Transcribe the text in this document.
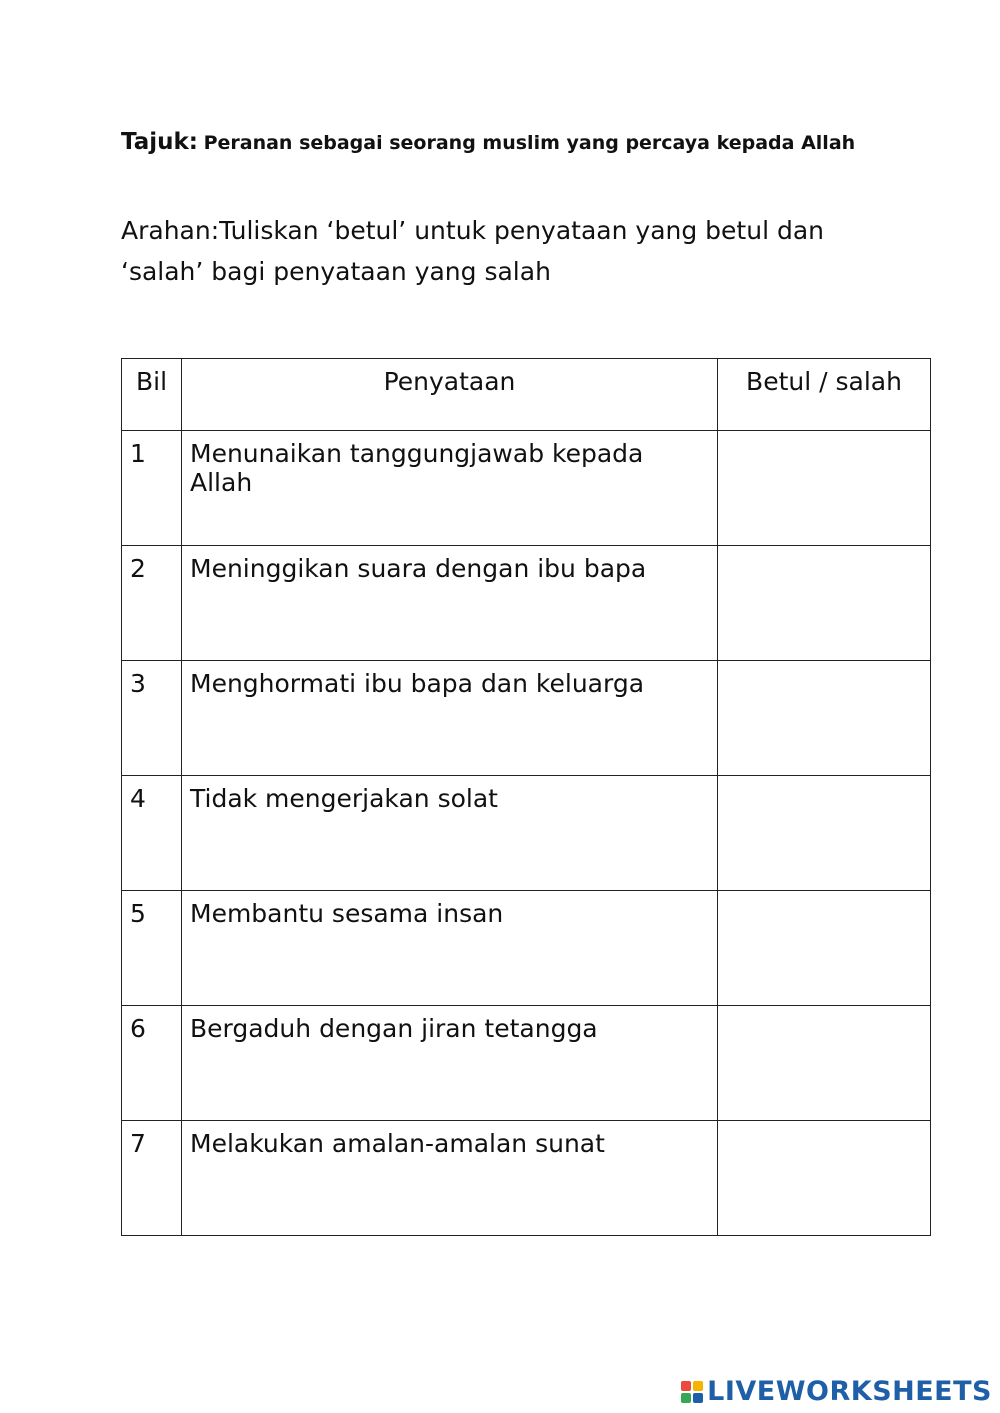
Tajuk: Peranan sebagai seorang muslim yang percaya kepada Allah
Arahan:Tuliskan ‘betul’ untuk penyataan yang betul dan ‘salah’ bagi penyataan yang salah
Bil	Penyataan	Betul / salah
1	Menunaikan tanggungjawab kepada Allah	
2	Meninggikan suara dengan ibu bapa	
3	Menghormati ibu bapa dan keluarga	
4	Tidak mengerjakan solat	
5	Membantu sesama insan	
6	Bergaduh dengan jiran tetangga	
7	Melakukan amalan-amalan sunat	
LIVEWORKSHEETS
